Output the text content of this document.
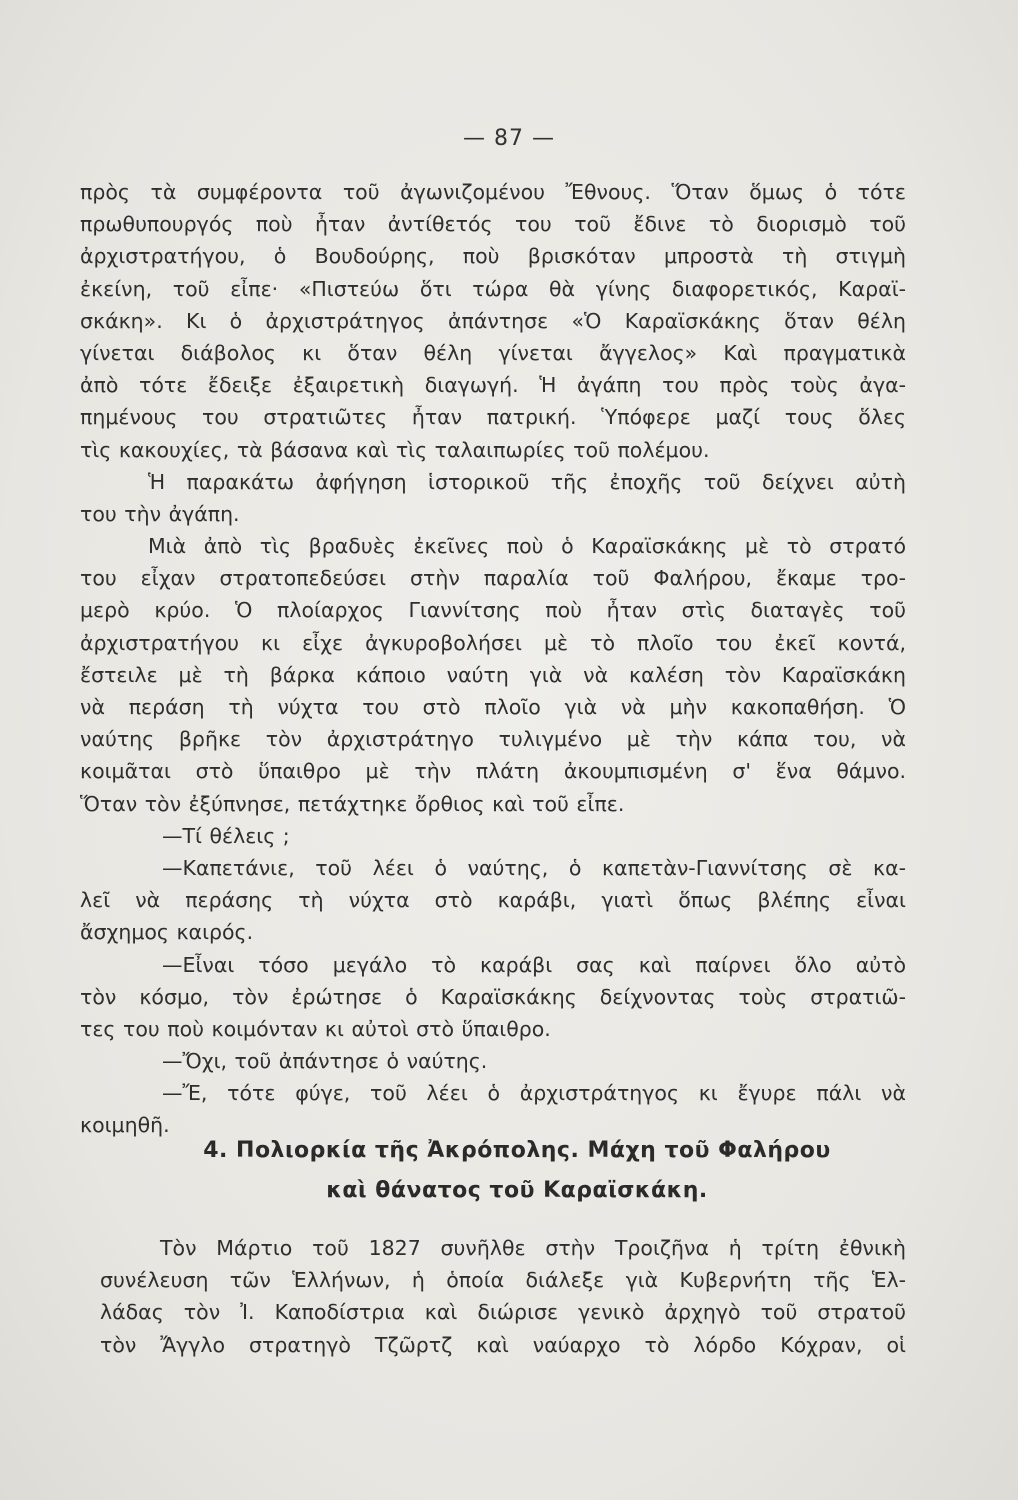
— 87 —
πρὸς τὰ συμφέροντα τοῦ ἀγωνιζομένου Ἔθνους. Ὅταν ὅμως ὁ τότε
πρωθυπουργός ποὺ ἦταν ἀντίθετός του τοῦ ἔδινε τὸ διορισμὸ τοῦ
ἀρχιστρατήγου, ὁ Βουδούρης, ποὺ βρισκόταν μπροστὰ τὴ στιγμὴ
ἐκείνη, τοῦ εἶπε· «Πιστεύω ὅτι τώρα θὰ γίνης διαφορετικός, Καραϊ-
σκάκη». Κι ὁ ἀρχιστράτηγος ἀπάντησε «Ὁ Καραϊσκάκης ὅταν θέλη
γίνεται διάβολος κι ὅταν θέλη γίνεται ἄγγελος» Καὶ πραγματικὰ
ἀπὸ τότε ἔδειξε ἐξαιρετικὴ διαγωγή. Ἡ ἀγάπη του πρὸς τοὺς ἀγα-
πημένους του στρατιῶτες ἦταν πατρική. Ὑπόφερε μαζί τους ὅλες
τὶς κακουχίες, τὰ βάσανα καὶ τὶς ταλαιπωρίες τοῦ πολέμου.
Ἡ παρακάτω ἀφήγηση ἱστορικοῦ τῆς ἐποχῆς τοῦ δείχνει αὐτὴ
του τὴν ἀγάπη.
Μιὰ ἀπὸ τὶς βραδυὲς ἐκεῖνες ποὺ ὁ Καραϊσκάκης μὲ τὸ στρατό
του εἶχαν στρατοπεδεύσει στὴν παραλία τοῦ Φαλήρου, ἔκαμε τρο-
μερὸ κρύο. Ὁ πλοίαρχος Γιαννίτσης ποὺ ἦταν στὶς διαταγὲς τοῦ
ἀρχιστρατήγου κι εἶχε ἀγκυροβολήσει μὲ τὸ πλοῖο του ἐκεῖ κοντά,
ἔστειλε μὲ τὴ βάρκα κάποιο ναύτη γιὰ νὰ καλέση τὸν Καραϊσκάκη
νὰ περάση τὴ νύχτα του στὸ πλοῖο γιὰ νὰ μὴν κακοπαθήση. Ὁ
ναύτης βρῆκε τὸν ἀρχιστράτηγο τυλιγμένο μὲ τὴν κάπα του, νὰ
κοιμᾶται στὸ ὕπαιθρο μὲ τὴν πλάτη ἀκουμπισμένη σ' ἕνα θάμνο.
Ὅταν τὸν ἐξύπνησε, πετάχτηκε ὄρθιος καὶ τοῦ εἶπε.
—Τί θέλεις ;
—Καπετάνιε, τοῦ λέει ὁ ναύτης, ὁ καπετὰν-Γιαννίτσης σὲ κα-
λεῖ νὰ περάσης τὴ νύχτα στὸ καράβι, γιατὶ ὅπως βλέπης εἶναι
ἄσχημος καιρός.
—Εἶναι τόσο μεγάλο τὸ καράβι σας καὶ παίρνει ὅλο αὐτὸ
τὸν κόσμο, τὸν ἐρώτησε ὁ Καραϊσκάκης δείχνοντας τοὺς στρατιῶ-
τες του ποὺ κοιμόνταν κι αὐτοὶ στὸ ὕπαιθρο.
—Ὄχι, τοῦ ἀπάντησε ὁ ναύτης.
—Ἔ, τότε φύγε, τοῦ λέει ὁ ἀρχιστράτηγος κι ἔγυρε πάλι νὰ
κοιμηθῆ.
4. Πολιορκία τῆς Ἀκρόπολης. Μάχη τοῦ Φαλήρου
καὶ θάνατος τοῦ Καραϊσκάκη.
Τὸν Μάρτιο τοῦ 1827 συνῆλθε στὴν Τροιζῆνα ἡ τρίτη ἐθνικὴ
συνέλευση τῶν Ἑλλήνων, ἡ ὁποία διάλεξε γιὰ Κυβερνήτη τῆς Ἑλ-
λάδας τὸν Ἰ. Καποδίστρια καὶ διώρισε γενικὸ ἀρχηγὸ τοῦ στρατοῦ
τὸν Ἄγγλο στρατηγὸ Τζῶρτζ καὶ ναύαρχο τὸ λόρδο Κόχραν, οἱ
